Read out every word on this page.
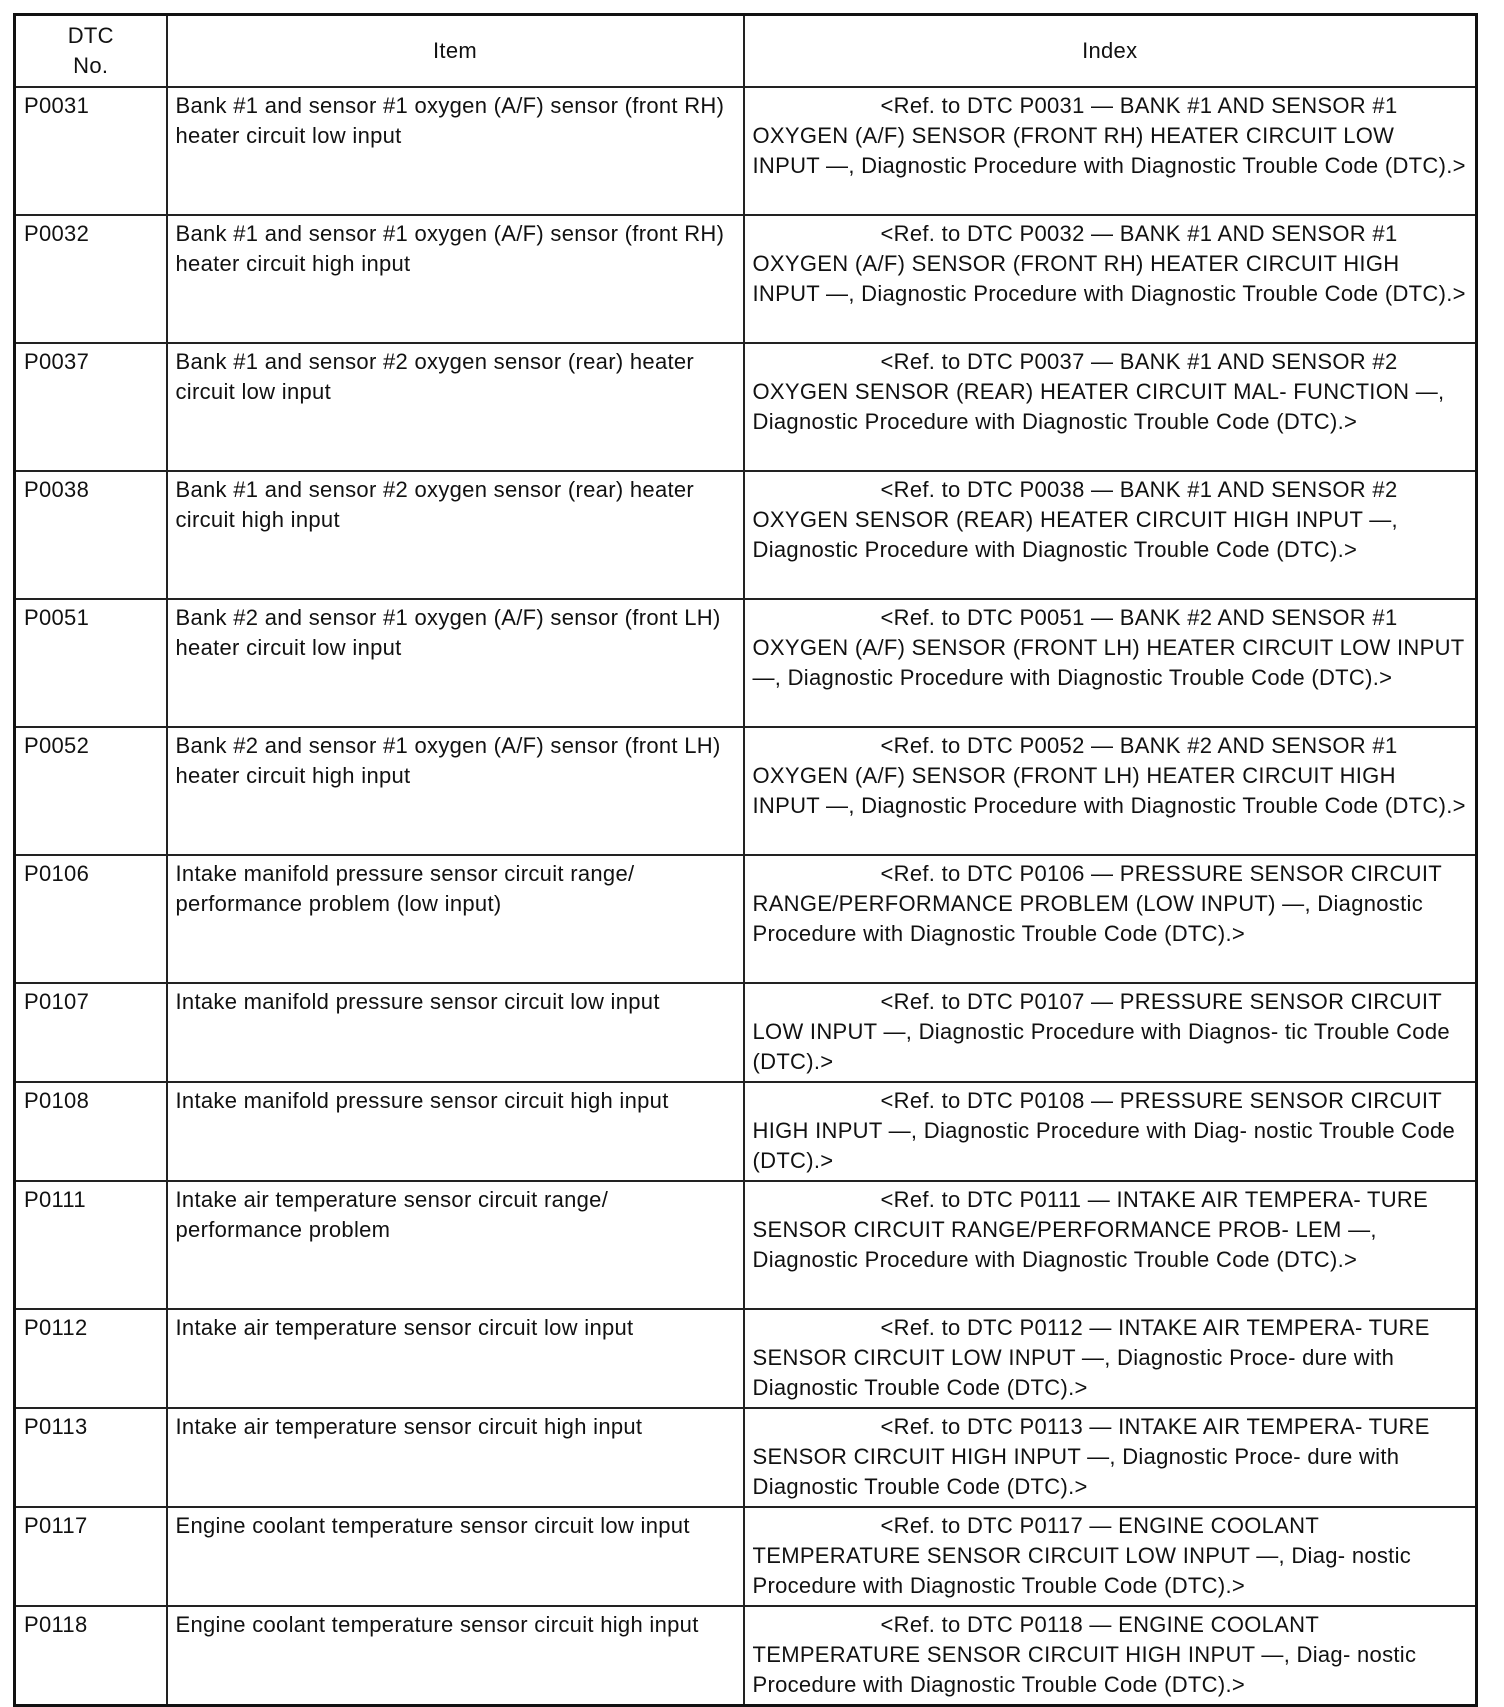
DTC
No.	Item	Index
P0031	Bank #1 and sensor #1 oxygen (A/F) sensor (front RH) heater circuit low input	<Ref. to DTC P0031 — BANK #1 AND SENSOR #1 OXYGEN (A/F) SENSOR (FRONT RH) HEATER CIRCUIT LOW INPUT —, Diagnostic Procedure with Diagnostic Trouble Code (DTC).>
P0032	Bank #1 and sensor #1 oxygen (A/F) sensor (front RH) heater circuit high input	<Ref. to DTC P0032 — BANK #1 AND SENSOR #1 OXYGEN (A/F) SENSOR (FRONT RH) HEATER CIRCUIT HIGH INPUT —, Diagnostic Procedure with Diagnostic Trouble Code (DTC).>
P0037	Bank #1 and sensor #2 oxygen sensor (rear) heater circuit low input	<Ref. to DTC P0037 — BANK #1 AND SENSOR #2 OXYGEN SENSOR (REAR) HEATER CIRCUIT MAL- FUNCTION —, Diagnostic Procedure with Diagnostic Trouble Code (DTC).>
P0038	Bank #1 and sensor #2 oxygen sensor (rear) heater circuit high input	<Ref. to DTC P0038 — BANK #1 AND SENSOR #2 OXYGEN SENSOR (REAR) HEATER CIRCUIT HIGH INPUT —, Diagnostic Procedure with Diagnostic Trouble Code (DTC).>
P0051	Bank #2 and sensor #1 oxygen (A/F) sensor (front LH) heater circuit low input	<Ref. to DTC P0051 — BANK #2 AND SENSOR #1 OXYGEN (A/F) SENSOR (FRONT LH) HEATER CIRCUIT LOW INPUT —, Diagnostic Procedure with Diagnostic Trouble Code (DTC).>
P0052	Bank #2 and sensor #1 oxygen (A/F) sensor (front LH) heater circuit high input	<Ref. to DTC P0052 — BANK #2 AND SENSOR #1 OXYGEN (A/F) SENSOR (FRONT LH) HEATER CIRCUIT HIGH INPUT —, Diagnostic Procedure with Diagnostic Trouble Code (DTC).>
P0106	Intake manifold pressure sensor circuit range/ performance problem (low input)	<Ref. to DTC P0106 — PRESSURE SENSOR CIRCUIT RANGE/PERFORMANCE PROBLEM (LOW INPUT) —, Diagnostic Procedure with Diagnostic Trouble Code (DTC).>
P0107	Intake manifold pressure sensor circuit low input	<Ref. to DTC P0107 — PRESSURE SENSOR CIRCUIT LOW INPUT —, Diagnostic Procedure with Diagnos- tic Trouble Code (DTC).>
P0108	Intake manifold pressure sensor circuit high input	<Ref. to DTC P0108 — PRESSURE SENSOR CIRCUIT HIGH INPUT —, Diagnostic Procedure with Diag- nostic Trouble Code (DTC).>
P0111	Intake air temperature sensor circuit range/ performance problem	<Ref. to DTC P0111 — INTAKE AIR TEMPERA- TURE SENSOR CIRCUIT RANGE/PERFORMANCE PROB- LEM —, Diagnostic Procedure with Diagnostic Trouble Code (DTC).>
P0112	Intake air temperature sensor circuit low input	<Ref. to DTC P0112 — INTAKE AIR TEMPERA- TURE SENSOR CIRCUIT LOW INPUT —, Diagnostic Proce- dure with Diagnostic Trouble Code (DTC).>
P0113	Intake air temperature sensor circuit high input	<Ref. to DTC P0113 — INTAKE AIR TEMPERA- TURE SENSOR CIRCUIT HIGH INPUT —, Diagnostic Proce- dure with Diagnostic Trouble Code (DTC).>
P0117	Engine coolant temperature sensor circuit low input	<Ref. to DTC P0117 — ENGINE COOLANT TEMPERATURE SENSOR CIRCUIT LOW INPUT —, Diag- nostic Procedure with Diagnostic Trouble Code (DTC).>
P0118	Engine coolant temperature sensor circuit high input	<Ref. to DTC P0118 — ENGINE COOLANT TEMPERATURE SENSOR CIRCUIT HIGH INPUT —, Diag- nostic Procedure with Diagnostic Trouble Code (DTC).>
